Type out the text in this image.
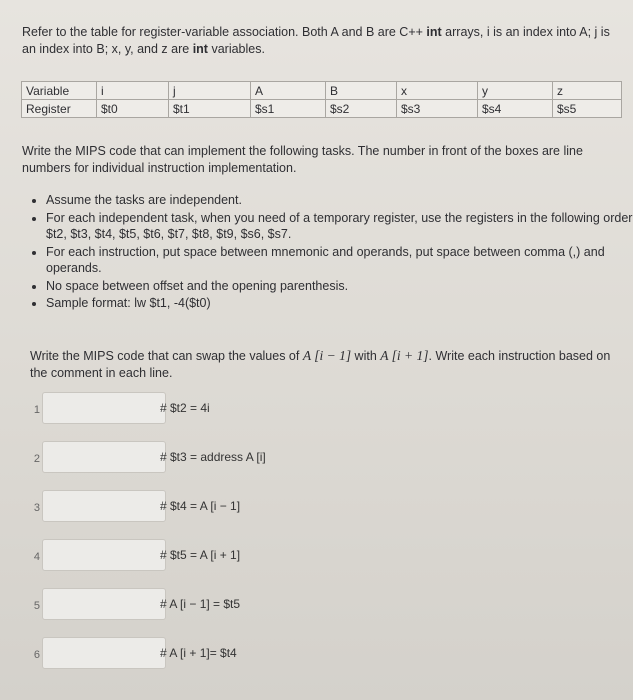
Refer to the table for register-variable association. Both A and B are C++ int arrays, i is an index into A; j is an index into B; x, y, and z are int variables.
Variable	i	j	A	B	x	y	z
Register	$t0	$t1	$s1	$s2	$s3	$s4	$s5
Write the MIPS code that can implement the following tasks. The number in front of the boxes are line numbers for individual instruction implementation.
• Assume the tasks are independent.
• For each independent task, when you need of a temporary register, use the registers in the following order $t2, $t3, $t4, $t5, $t6, $t7, $t8, $t9, $s6, $s7.
• For each instruction, put space between mnemonic and operands, put space between comma (,) and operands.
• No space between offset and the opening parenthesis.
• Sample format: lw $t1, -4($t0)
Write the MIPS code that can swap the values of A [i − 1] with A [i + 1]. Write each instruction based on the comment in each line.
1	# $t2 = 4i
2	# $t3 = address A [i]
3	# $t4 = A [i − 1]
4	# $t5 = A [i + 1]
5	# A [i − 1] = $t5
6	# A [i + 1]= $t4
